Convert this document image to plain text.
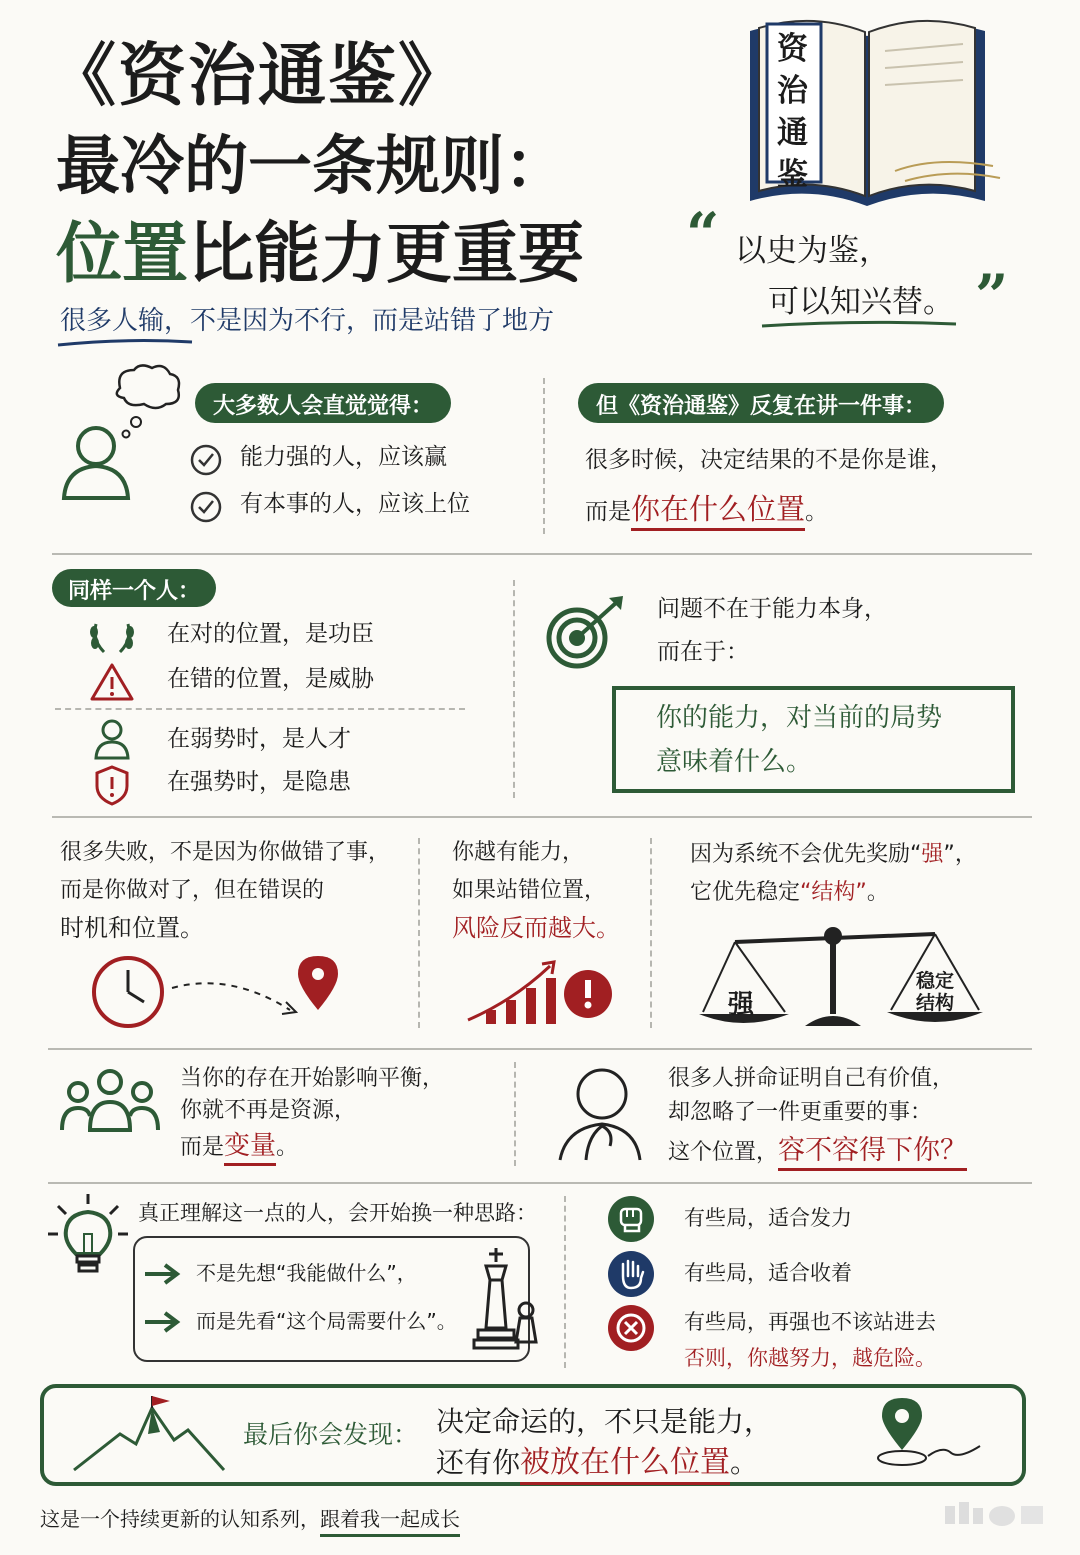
《资治通鉴》
最冷的一条规则：
位置比能力更重要
很多人输，不是因为不行，而是站错了地方
资治通鉴
“ 以史为鉴，
可以知兴替。 ”
大多数人会直觉觉得：
能力强的人，应该赢
有本事的人，应该上位
但《资治通鉴》反复在讲一件事：
很多时候，决定结果的不是你是谁，
而是你在什么位置。
同样一个人：
在对的位置，是功臣
在错的位置，是威胁
在弱势时，是人才
在强势时，是隐患
问题不在于能力本身，
而在于：
你的能力，对当前的局势
意味着什么。
很多失败，不是因为你做错了事，
而是你做对了，但在错误的
时机和位置。
你越有能力，
如果站错位置，
风险反而越大。
因为系统不会优先奖励“强”，
它优先稳定“结构”。
强
稳定结构
当你的存在开始影响平衡，
你就不再是资源，
而是变量。
很多人拼命证明自己有价值，
却忽略了一件更重要的事：
这个位置，容不容得下你？
真正理解这一点的人，会开始换一种思路：
不是先想“我能做什么”，
而是先看“这个局需要什么”。
有些局，适合发力
有些局，适合收着
有些局，再强也不该站进去
否则，你越努力，越危险。
最后你会发现： 决定命运的，不只是能力，
还有你被放在什么位置。
这是一个持续更新的认知系列，跟着我一起成长
